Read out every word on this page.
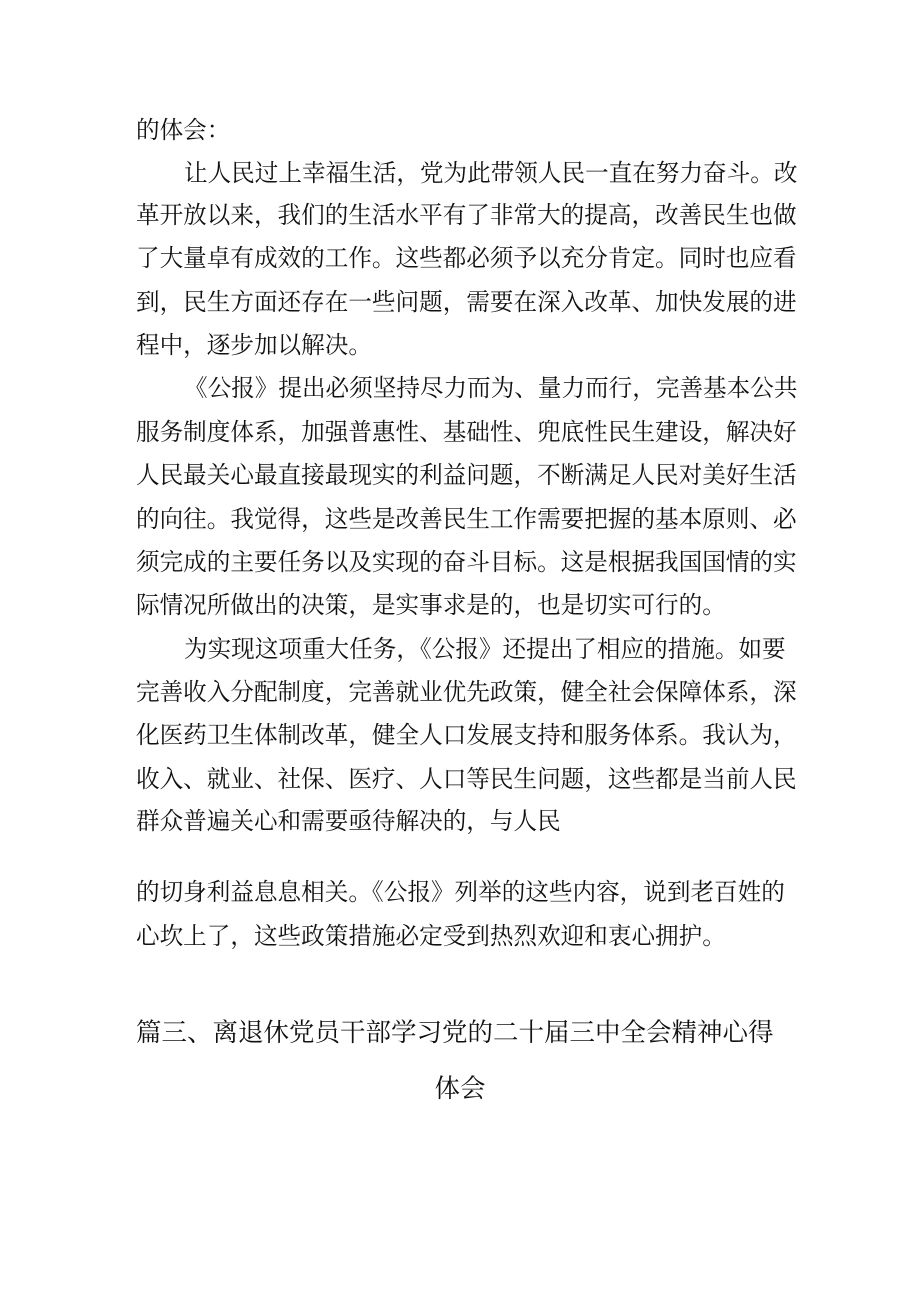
的体会：
让人民过上幸福生活，党为此带领人民一直在努力奋斗。改
革开放以来，我们的生活水平有了非常大的提高，改善民生也做
了大量卓有成效的工作。这些都必须予以充分肯定。同时也应看
到，民生方面还存在一些问题，需要在深入改革、加快发展的进
程中，逐步加以解决。
《公报》提出必须坚持尽力而为、量力而行，完善基本公共
服务制度体系，加强普惠性、基础性、兜底性民生建设，解决好
人民最关心最直接最现实的利益问题，不断满足人民对美好生活
的向往。我觉得，这些是改善民生工作需要把握的基本原则、必
须完成的主要任务以及实现的奋斗目标。这是根据我国国情的实
际情况所做出的决策，是实事求是的，也是切实可行的。
为实现这项重大任务，《公报》还提出了相应的措施。如要
完善收入分配制度，完善就业优先政策，健全社会保障体系，深
化医药卫生体制改革，健全人口发展支持和服务体系。我认为，
收入、就业、社保、医疗、人口等民生问题，这些都是当前人民
群众普遍关心和需要亟待解决的，与人民
的切身利益息息相关。《公报》列举的这些内容，说到老百姓的
心坎上了，这些政策措施必定受到热烈欢迎和衷心拥护。
篇三、离退休党员干部学习党的二十届三中全会精神心得
体会
